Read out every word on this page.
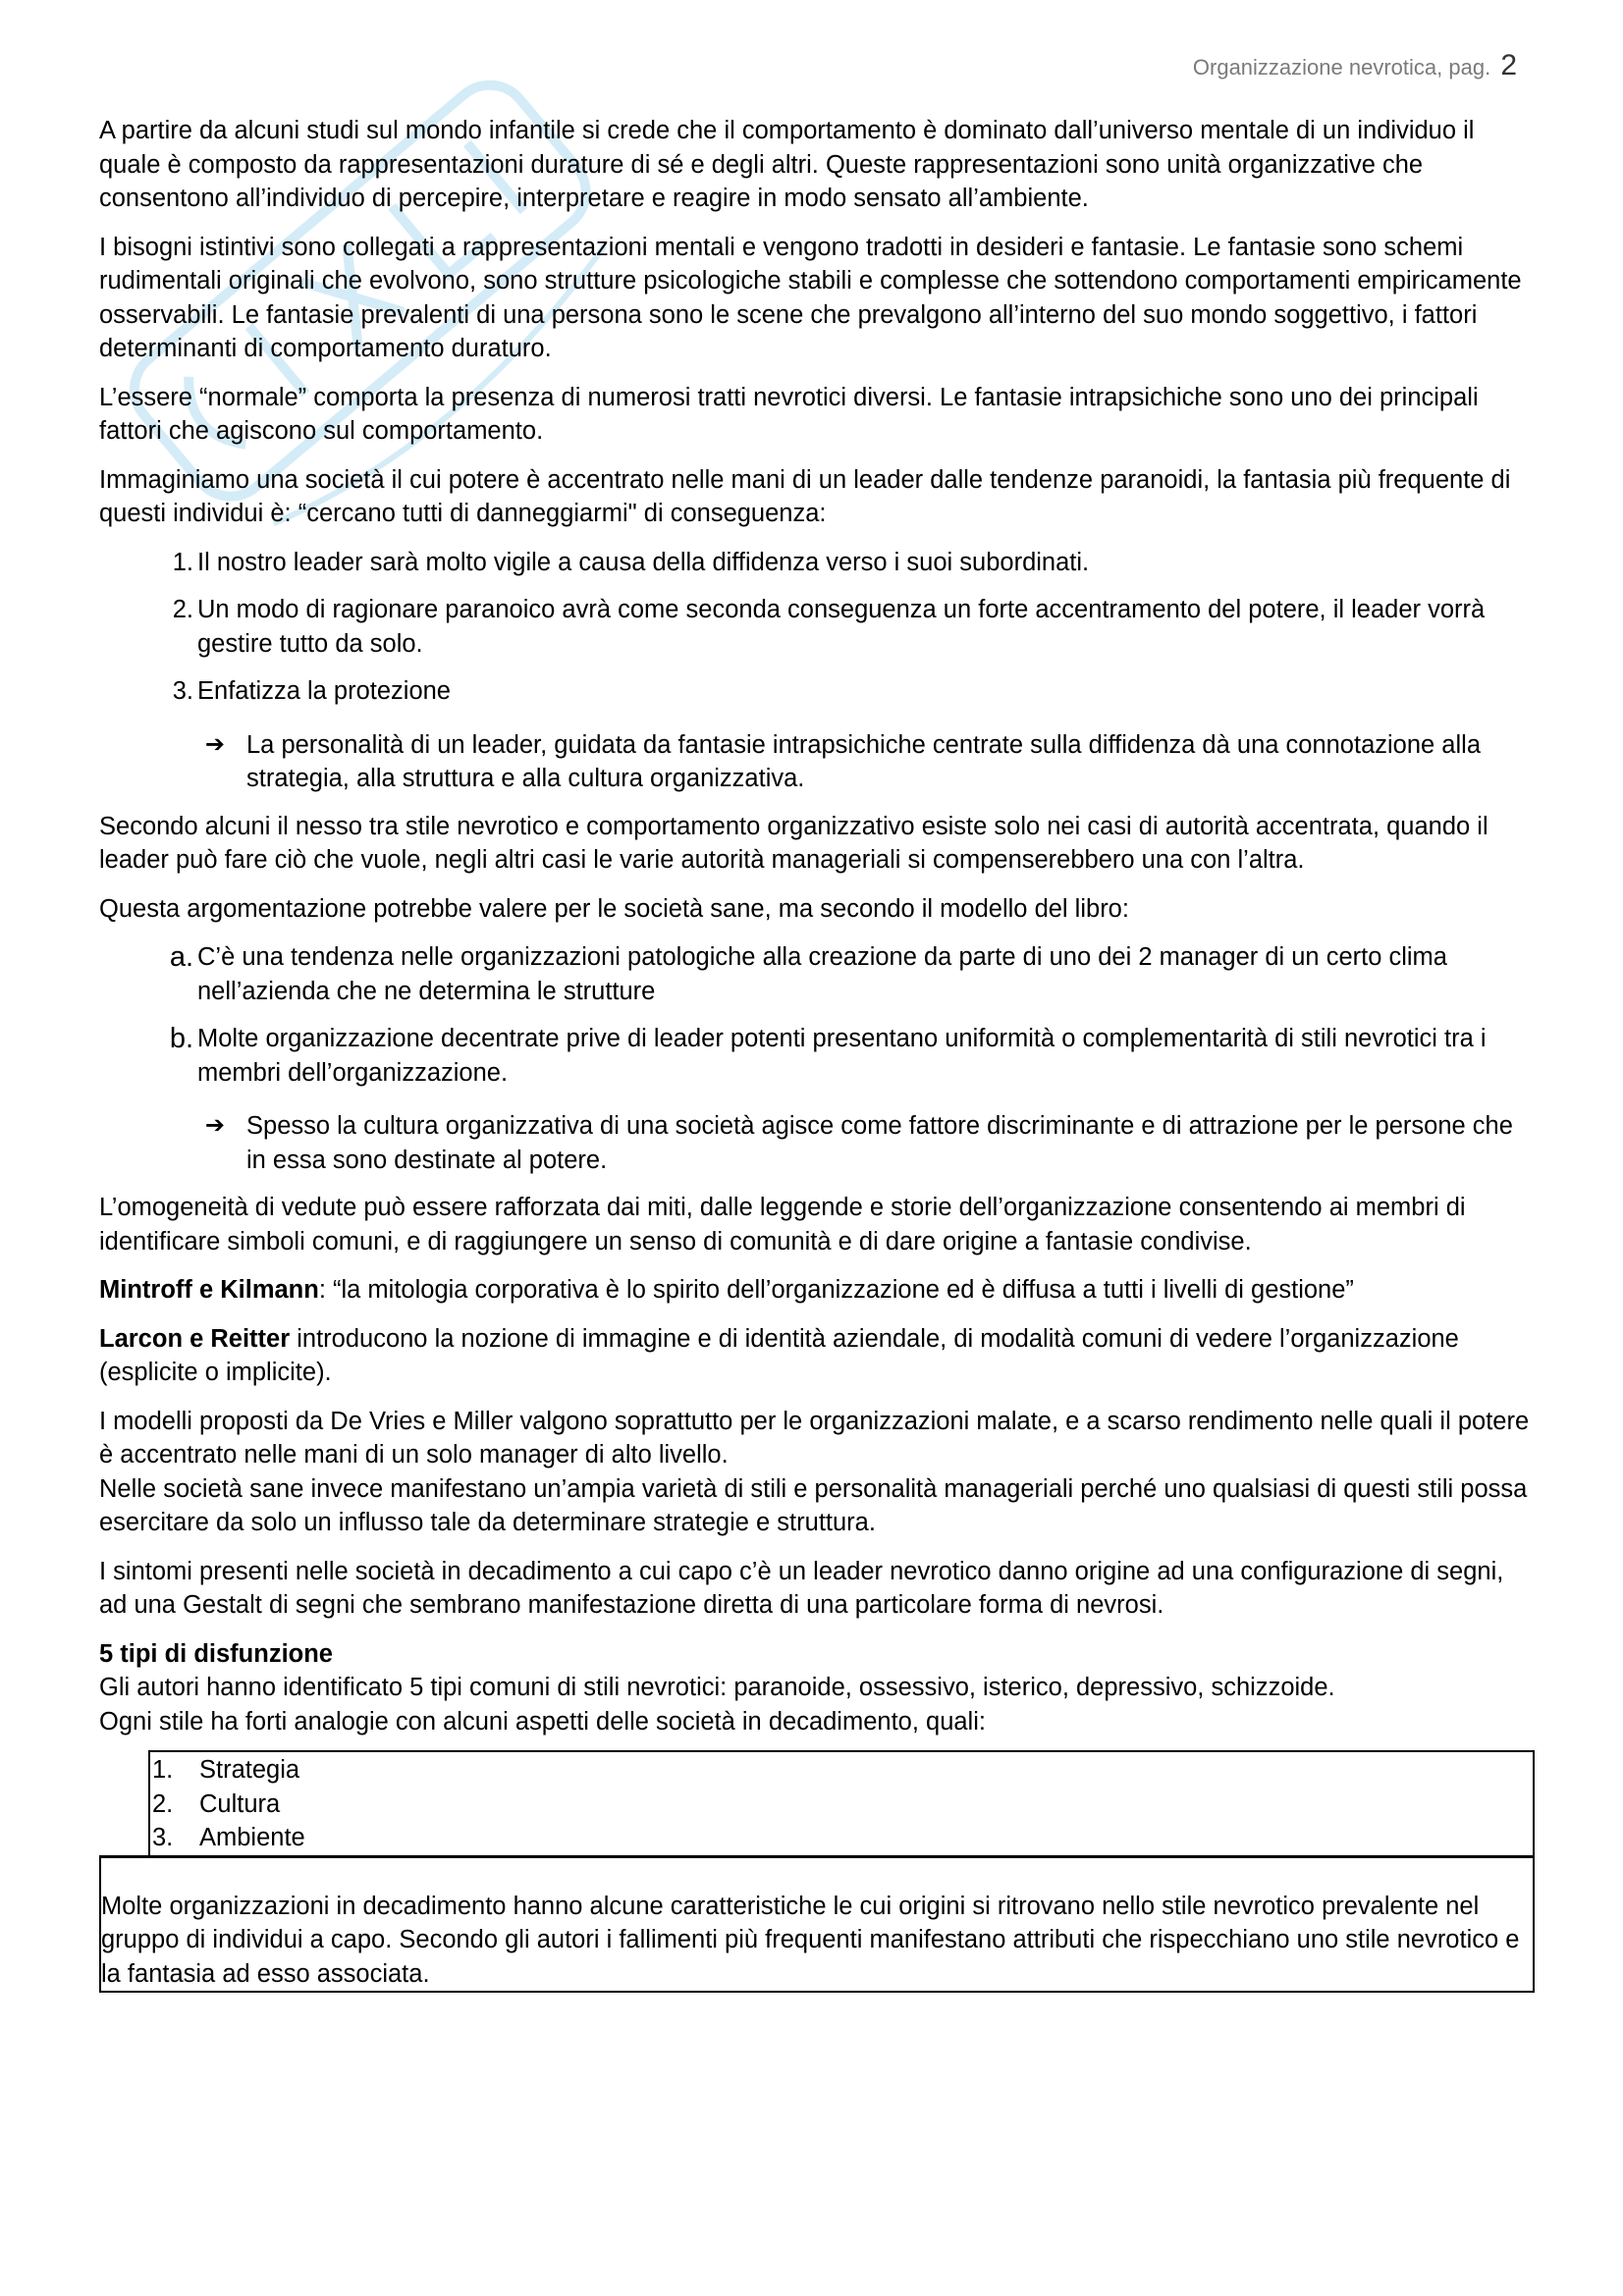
Organizzazione nevrotica, pag. 2

A partire da alcuni studi sul mondo infantile si crede che il comportamento è dominato dall’universo mentale di un individuo il quale è composto da rappresentazioni durature di sé e degli altri. Queste rappresentazioni sono unità organizzative che consentono all’individuo di percepire, interpretare e reagire in modo sensato all’ambiente.

I bisogni istintivi sono collegati a rappresentazioni mentali e vengono tradotti in desideri e fantasie. Le fantasie sono schemi rudimentali originali che evolvono, sono strutture psicologiche stabili e complesse che sottendono comportamenti empiricamente osservabili. Le fantasie prevalenti di una persona sono le scene che prevalgono all’interno del suo mondo soggettivo, i fattori determinanti di comportamento duraturo.

L’essere “normale” comporta la presenza di numerosi tratti nevrotici diversi. Le fantasie intrapsichiche sono uno dei principali fattori che agiscono sul comportamento.

Immaginiamo una società il cui potere è accentrato nelle mani di un leader dalle tendenze paranoidi, la fantasia più frequente di questi individui è: “cercano tutti di danneggiarmi" di conseguenza:

1. Il nostro leader sarà molto vigile a causa della diffidenza verso i suoi subordinati.
2. Un modo di ragionare paranoico avrà come seconda conseguenza un forte accentramento del potere, il leader vorrà gestire tutto da solo.
3. Enfatizza la protezione
➔ La personalità di un leader, guidata da fantasie intrapsichiche centrate sulla diffidenza dà una connotazione alla strategia, alla struttura e alla cultura organizzativa.

Secondo alcuni il nesso tra stile nevrotico e comportamento organizzativo esiste solo nei casi di autorità accentrata, quando il leader può fare ciò che vuole, negli altri casi le varie autorità manageriali si compenserebbero una con l’altra.

Questa argomentazione potrebbe valere per le società sane, ma secondo il modello del libro:

a. C’è una tendenza nelle organizzazioni patologiche alla creazione da parte di uno dei 2 manager di un certo clima nell’azienda che ne determina le strutture
b. Molte organizzazione decentrate prive di leader potenti presentano uniformità o complementarità di stili nevrotici tra i membri dell’organizzazione.
➔ Spesso la cultura organizzativa di una società agisce come fattore discriminante e di attrazione per le persone che in essa sono destinate al potere.

L’omogeneità di vedute può essere rafforzata dai miti, dalle leggende e storie dell’organizzazione consentendo ai membri di identificare simboli comuni, e di raggiungere un senso di comunità e di dare origine a fantasie condivise.

Mintroff e Kilmann: “la mitologia corporativa è lo spirito dell’organizzazione ed è diffusa a tutti i livelli di gestione”

Larcon e Reitter introducono la nozione di immagine e di identità aziendale, di modalità comuni di vedere l’organizzazione (esplicite o implicite).

I modelli proposti da De Vries e Miller valgono soprattutto per le organizzazioni malate, e a scarso rendimento nelle quali il potere è accentrato nelle mani di un solo manager di alto livello.
Nelle società sane invece manifestano un’ampia varietà di stili e personalità manageriali perché uno qualsiasi di questi stili possa esercitare da solo un influsso tale da determinare strategie e struttura.

I sintomi presenti nelle società in decadimento a cui capo c’è un leader nevrotico danno origine ad una configurazione di segni, ad una Gestalt di segni che sembrano manifestazione diretta di una particolare forma di nevrosi.

5 tipi di disfunzione
Gli autori hanno identificato 5 tipi comuni di stili nevrotici: paranoide, ossessivo, isterico, depressivo, schizzoide.
Ogni stile ha forti analogie con alcuni aspetti delle società in decadimento, quali:

1.	Strategia
2.	Cultura
3.	Ambiente
Molte organizzazioni in decadimento hanno alcune caratteristiche le cui origini si ritrovano nello stile nevrotico prevalente nel gruppo di individui a capo. Secondo gli autori i fallimenti più frequenti manifestano attributi che rispecchiano uno stile nevrotico e la fantasia ad esso associata.
